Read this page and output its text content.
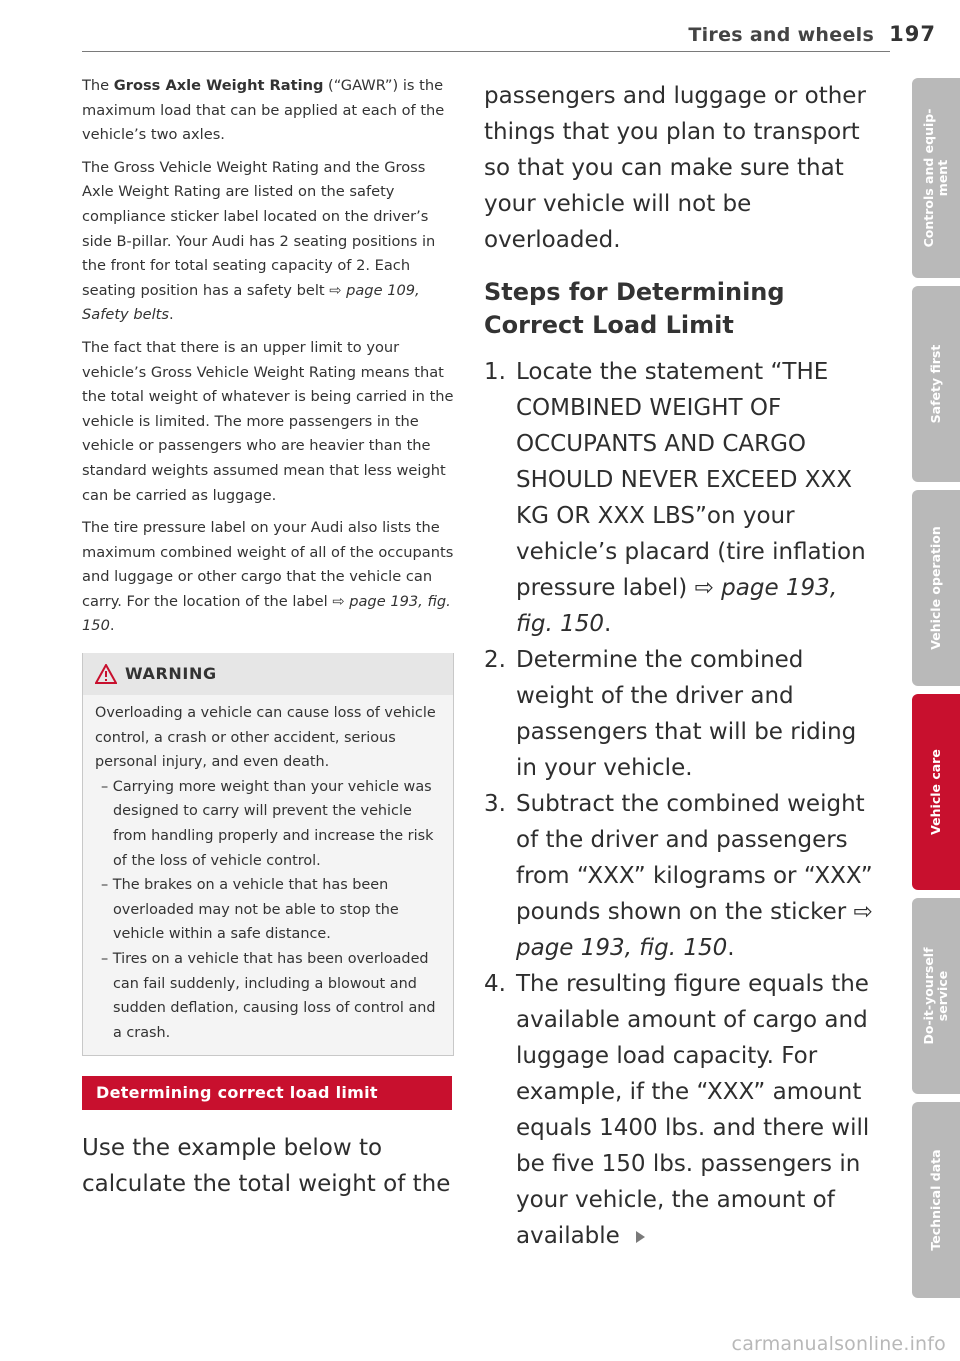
Tires and wheels 197

The Gross Axle Weight Rating (“GAWR”) is the maximum load that can be applied at each of the vehicle’s two axles.

The Gross Vehicle Weight Rating and the Gross Axle Weight Rating are listed on the safety compliance sticker label located on the driver’s side B-pillar. Your Audi has 2 seating positions in the front for total seating capacity of 2. Each seating position has a safety belt ⇨ page 109, Safety belts.

The fact that there is an upper limit to your vehicle’s Gross Vehicle Weight Rating means that the total weight of whatever is being carried in the vehicle is limited. The more passengers in the vehicle or passengers who are heavier than the standard weights assumed mean that less weight can be carried as luggage.

The tire pressure label on your Audi also lists the maximum combined weight of all of the occupants and luggage or other cargo that the vehicle can carry. For the location of the label ⇨ page 193, fig. 150.

WARNING

Overloading a vehicle can cause loss of vehicle control, a crash or other accident, serious personal injury, and even death.

– Carrying more weight than your vehicle was designed to carry will prevent the vehicle from handling properly and increase the risk of the loss of vehicle control.
– The brakes on a vehicle that has been overloaded may not be able to stop the vehicle within a safe distance.
– Tires on a vehicle that has been overloaded can fail suddenly, including a blowout and sudden deflation, causing loss of control and a crash.
Determining correct load limit
Use the example below to calculate the total weight of the

passengers and luggage or other things that you plan to transport so that you can make sure that your vehicle will not be overloaded.

Steps for Determining Correct Load Limit
1. Locate the statement “THE COMBINED WEIGHT OF OCCUPANTS AND CARGO SHOULD NEVER EXCEED XXX KG OR XXX LBS”on your vehicle’s placard (tire inflation pressure label) ⇨ page 193, fig. 150.
2. Determine the combined weight of the driver and passengers that will be riding in your vehicle.
3. Subtract the combined weight of the driver and passengers from “XXX” kilograms or “XXX” pounds shown on the sticker ⇨ page 193, fig. 150.
4. The resulting figure equals the available amount of cargo and luggage load capacity. For example, if the “XXX” amount equals 1400 lbs. and there will be five 150 lbs. passengers in your vehicle, the amount of available
Controls and equip-
ment
Safety first
Vehicle operation
Vehicle care
Do-it-yourself
service
Technical data
carmanualsonline.info
